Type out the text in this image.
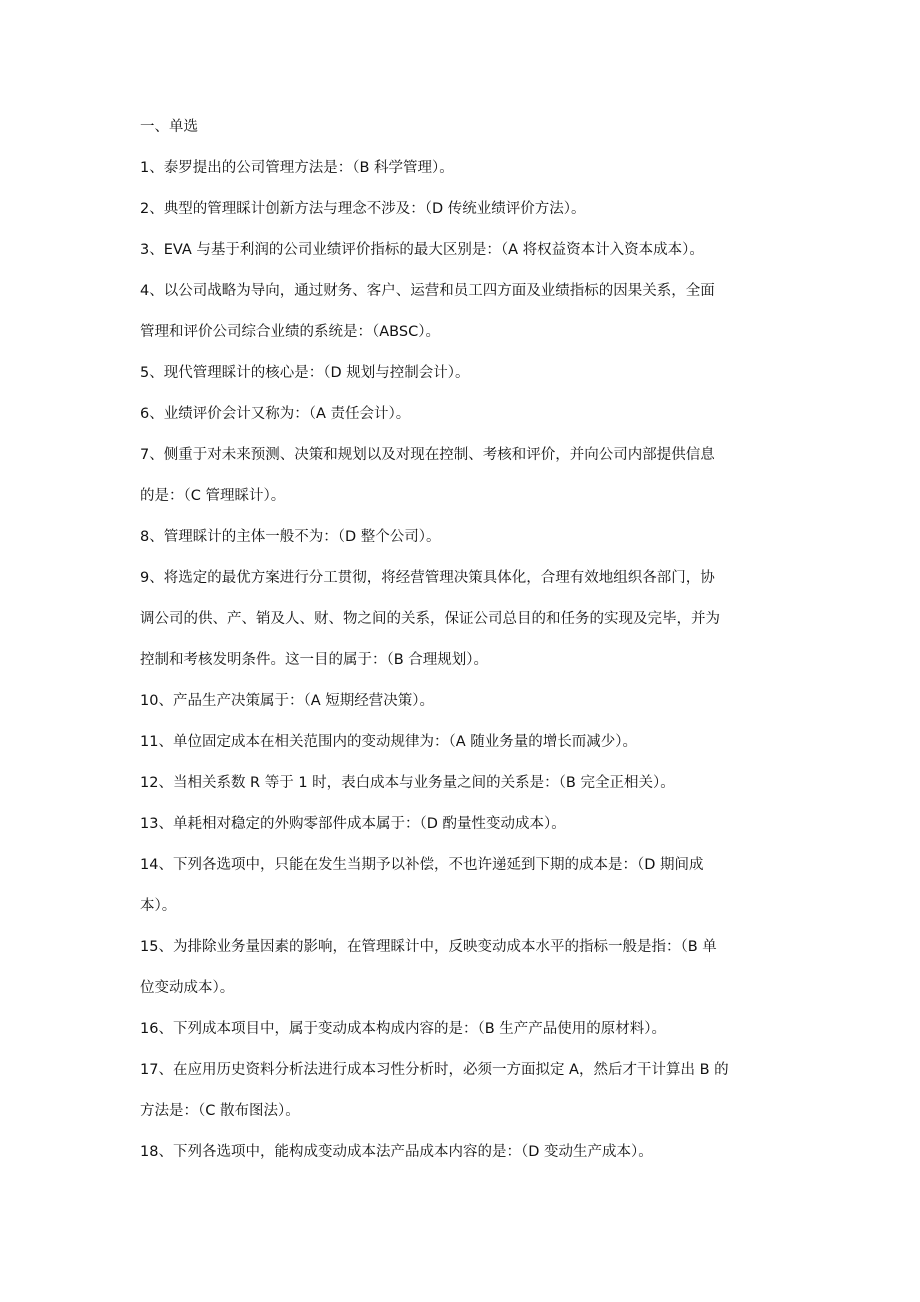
一、单选

1、泰罗提出的公司管理方法是：（B 科学管理）。

2、典型的管理睬计创新方法与理念不涉及：（D 传统业绩评价方法）。

3、EVA 与基于利润的公司业绩评价指标的最大区别是：（A 将权益资本计入资本成本）。

4、以公司战略为导向，通过财务、客户、运营和员工四方面及业绩指标的因果关系，全面

管理和评价公司综合业绩的系统是：（ABSC）。

5、现代管理睬计的核心是：（D 规划与控制会计）。

6、业绩评价会计又称为：（A 责任会计）。

7、侧重于对未来预测、决策和规划以及对现在控制、考核和评价，并向公司内部提供信息

的是：（C 管理睬计）。

8、管理睬计的主体一般不为：（D 整个公司）。

9、将选定的最优方案进行分工贯彻，将经营管理决策具体化，合理有效地组织各部门，协

调公司的供、产、销及人、财、物之间的关系，保证公司总目的和任务的实现及完毕，并为

控制和考核发明条件。这一目的属于：（B 合理规划）。

10、产品生产决策属于：（A 短期经营决策）。

11、单位固定成本在相关范围内的变动规律为：（A 随业务量的增长而减少）。

12、当相关系数 R 等于 1 时，表白成本与业务量之间的关系是：（B 完全正相关）。

13、单耗相对稳定的外购零部件成本属于：（D 酌量性变动成本）。

14、下列各选项中，只能在发生当期予以补偿，不也许递延到下期的成本是：（D 期间成

本）。

15、为排除业务量因素的影响，在管理睬计中，反映变动成本水平的指标一般是指：（B 单

位变动成本）。

16、下列成本项目中，属于变动成本构成内容的是：（B 生产产品使用的原材料）。

17、在应用历史资料分析法进行成本习性分析时，必须一方面拟定 A，然后才干计算出 B 的

方法是：（C 散布图法）。

18、下列各选项中，能构成变动成本法产品成本内容的是：（D 变动生产成本）。
